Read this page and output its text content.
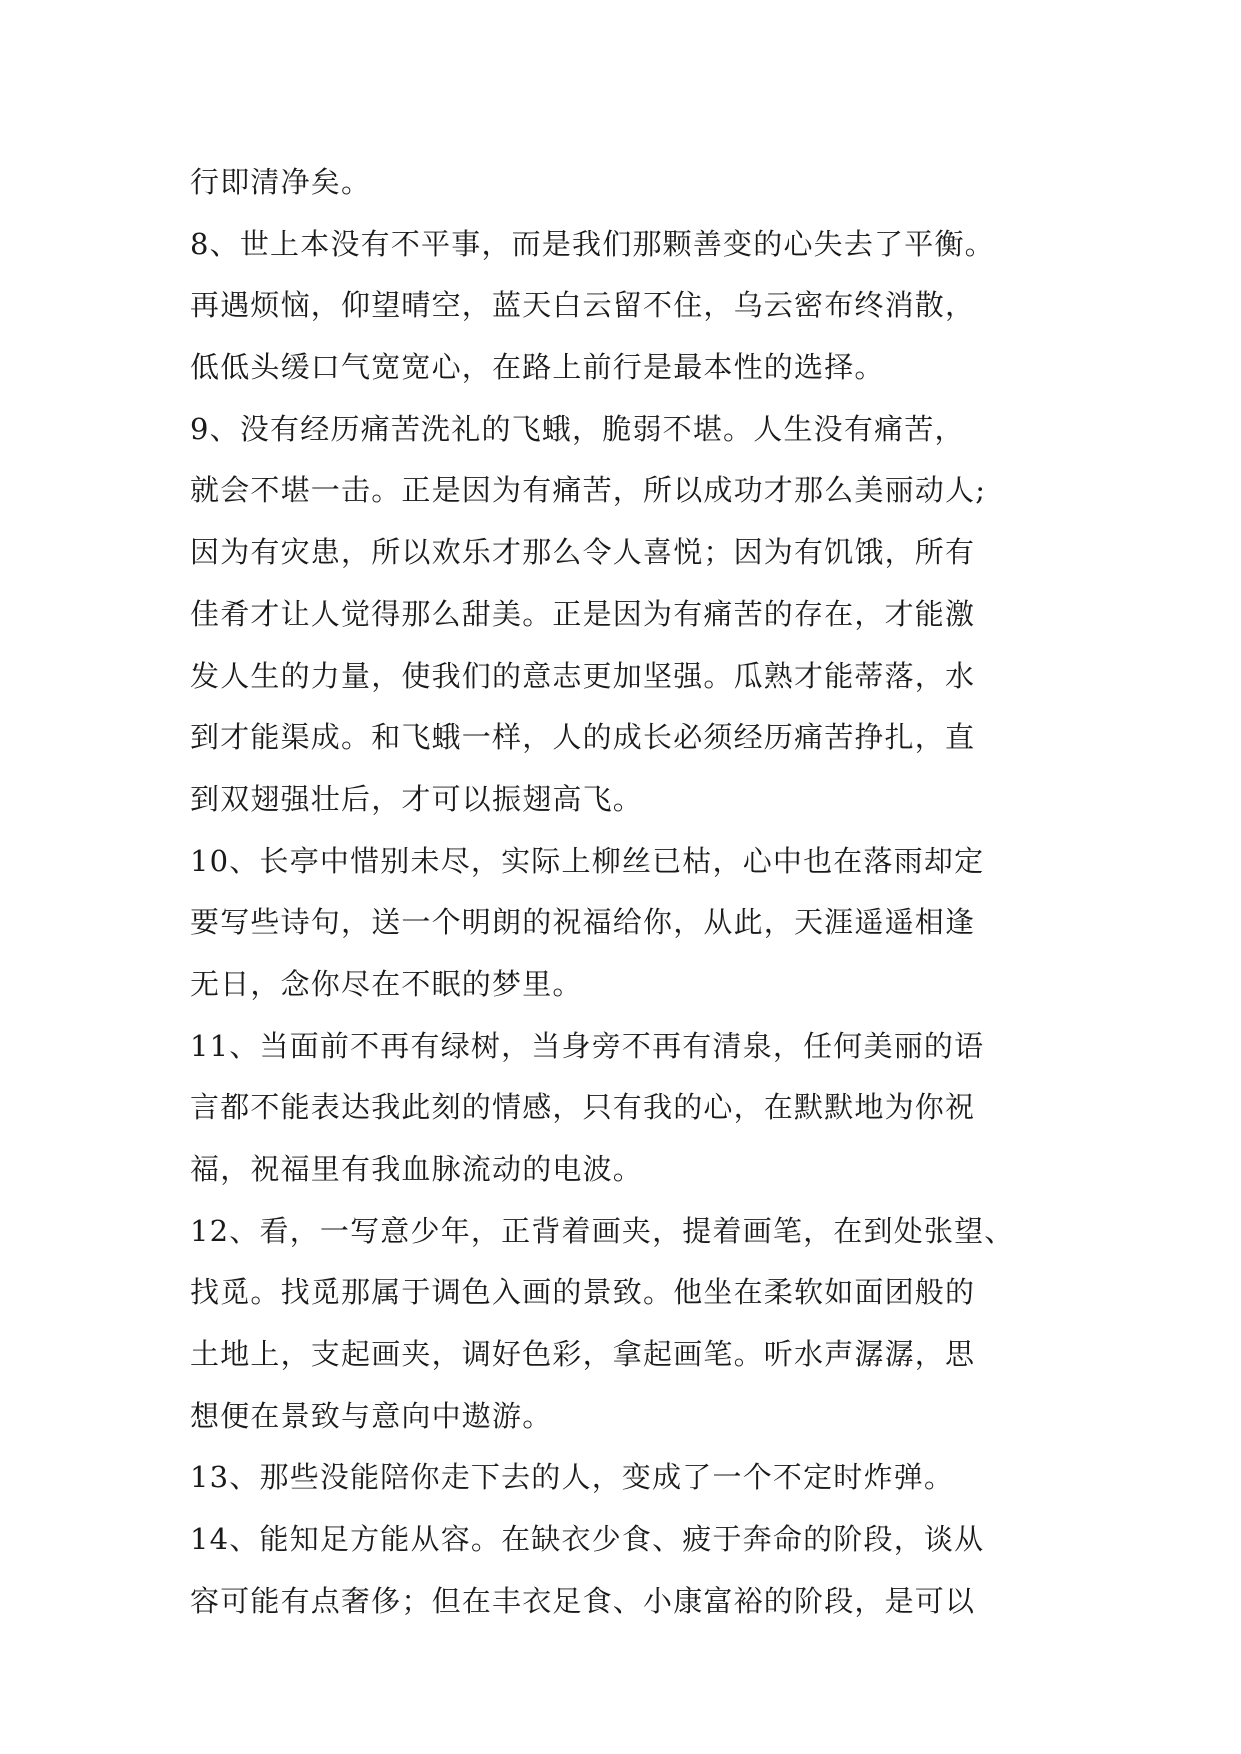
行即清净矣。
8、世上本没有不平事，而是我们那颗善变的心失去了平衡。
再遇烦恼，仰望晴空，蓝天白云留不住，乌云密布终消散，
低低头缓口气宽宽心，在路上前行是最本性的选择。
9、没有经历痛苦洗礼的飞蛾，脆弱不堪。人生没有痛苦，
就会不堪一击。正是因为有痛苦，所以成功才那么美丽动人;
因为有灾患，所以欢乐才那么令人喜悦；因为有饥饿，所有
佳肴才让人觉得那么甜美。正是因为有痛苦的存在，才能激
发人生的力量，使我们的意志更加坚强。瓜熟才能蒂落，水
到才能渠成。和飞蛾一样，人的成长必须经历痛苦挣扎，直
到双翅强壮后，才可以振翅高飞。
10、长亭中惜别未尽，实际上柳丝已枯，心中也在落雨却定
要写些诗句，送一个明朗的祝福给你，从此，天涯遥遥相逢
无日，念你尽在不眠的梦里。
11、当面前不再有绿树，当身旁不再有清泉，任何美丽的语
言都不能表达我此刻的情感，只有我的心，在默默地为你祝
福，祝福里有我血脉流动的电波。
12、看，一写意少年，正背着画夹，提着画笔，在到处张望、
找觅。找觅那属于调色入画的景致。他坐在柔软如面团般的
土地上，支起画夹，调好色彩，拿起画笔。听水声潺潺，思
想便在景致与意向中遨游。
13、那些没能陪你走下去的人，变成了一个不定时炸弹。
14、能知足方能从容。在缺衣少食、疲于奔命的阶段，谈从
容可能有点奢侈；但在丰衣足食、小康富裕的阶段，是可以
